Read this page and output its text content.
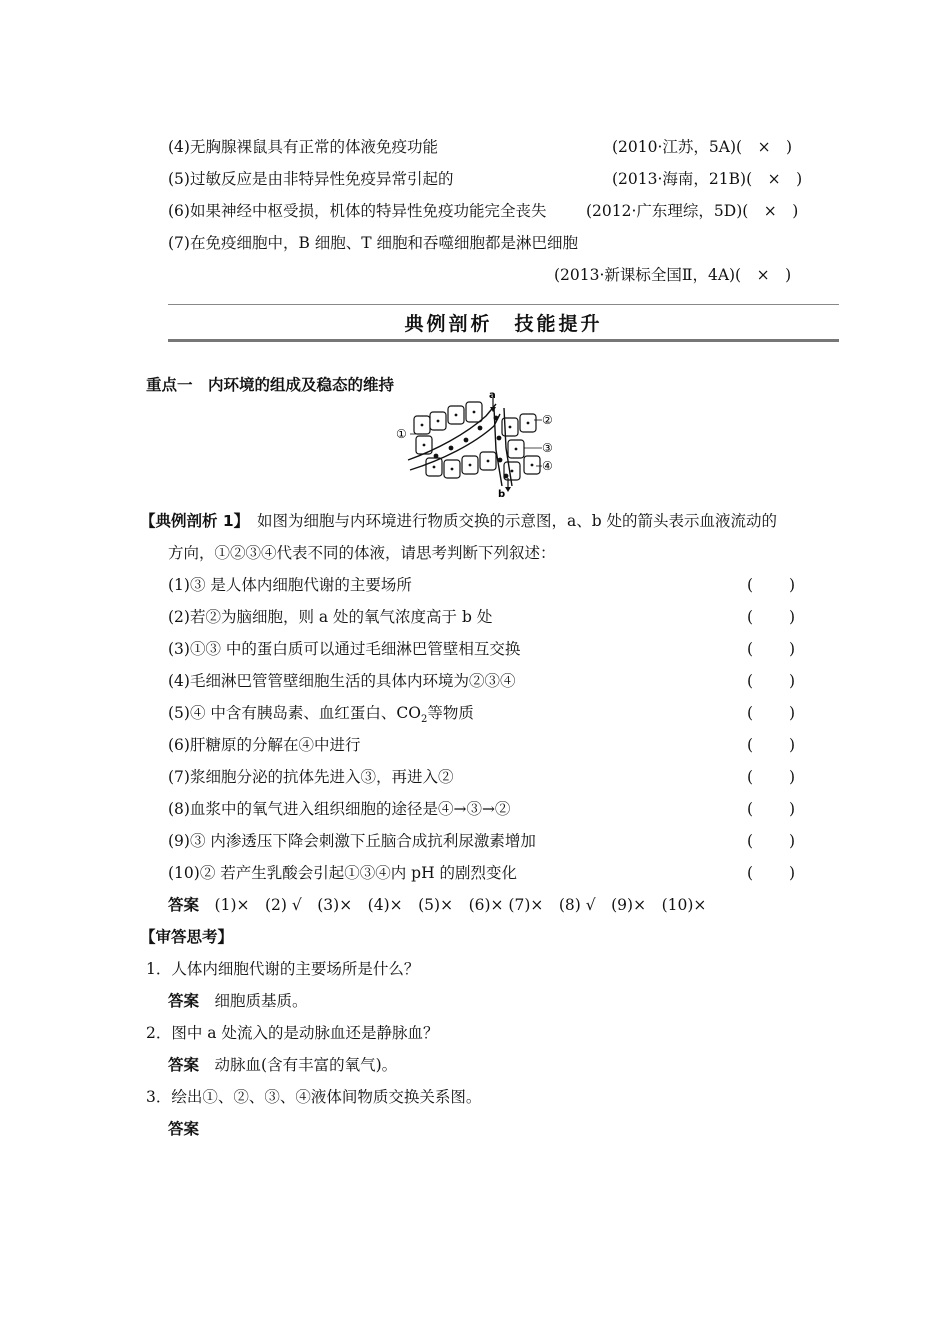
(4)无胸腺裸鼠具有正常的体液免疫功能	(2010·江苏，5A)(　×　)
(5)过敏反应是由非特异性免疫异常引起的	(2013·海南，21B)(　×　)
(6)如果神经中枢受损，机体的特异性免疫功能完全丧失	(2012·广东理综，5D)(　×　)
(7)在免疫细胞中，B 细胞、T 细胞和吞噬细胞都是淋巴细胞
(2013·新课标全国Ⅱ，4A)(　×　)
典例剖析　技能提升
重点一　内环境的组成及稳态的维持
a
b
①
②
③
④
【典例剖析 1】　 如图为细胞与内环境进行物质交换的示意图，a、b 处的箭头表示血液流动的
方向，①②③④代表不同的体液，请思考判断下列叙述：
(1)③ 是人体内细胞代谢的主要场所	( )
(2)若②为脑细胞，则 a 处的氧气浓度高于 b 处	( )
(3)①③ 中的蛋白质可以通过毛细淋巴管壁相互交换	( )
(4)毛细淋巴管管壁细胞生活的具体内环境为②③④	( )
(5)④ 中含有胰岛素、血红蛋白、$CO_2$等物质	( )
(6)肝糖原的分解在④中进行	( )
(7)浆细胞分泌的抗体先进入③，再进入②	( )
(8)血浆中的氧气进入组织细胞的途径是④→③→②	( )
(9)③ 内渗透压下降会刺激下丘脑合成抗利尿激素增加	( )
(10)② 若产生乳酸会引起①③④内 pH 的剧烈变化	( )
答案　 (1)×　(2) √　(3)×　(4)×　(5)×　(6)× (7)×　(8) √　(9)×　(10)×
【审答思考】
1．人体内细胞代谢的主要场所是什么？
答案　 细胞质基质。
2．图中 a 处流入的是动脉血还是静脉血？
答案　 动脉血(含有丰富的氧气)。
3．绘出①、②、③、④液体间物质交换关系图。
答案
